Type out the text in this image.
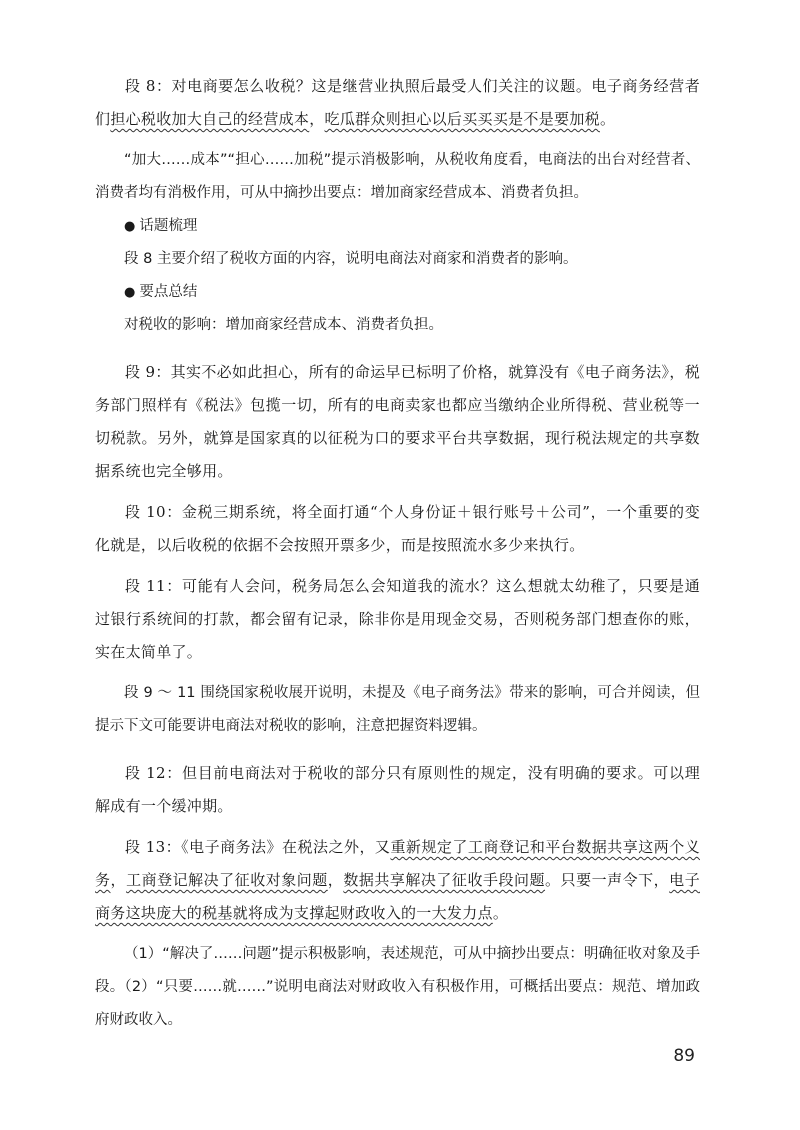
段 8：对电商要怎么收税？这是继营业执照后最受人们关注的议题。电子商务经营者们担心税收加大自己的经营成本，吃瓜群众则担心以后买买买是不是要加税。

“加大……成本”“担心……加税”提示消极影响，从税收角度看，电商法的出台对经营者、消费者均有消极作用，可从中摘抄出要点：增加商家经营成本、消费者负担。

● 话题梳理

段 8 主要介绍了税收方面的内容，说明电商法对商家和消费者的影响。

● 要点总结

对税收的影响：增加商家经营成本、消费者负担。

段 9：其实不必如此担心，所有的命运早已标明了价格，就算没有《电子商务法》，税务部门照样有《税法》包揽一切，所有的电商卖家也都应当缴纳企业所得税、营业税等一切税款。另外，就算是国家真的以征税为口的要求平台共享数据，现行税法规定的共享数据系统也完全够用。

段 10：金税三期系统，将全面打通“个人身份证＋银行账号＋公司”，一个重要的变化就是，以后收税的依据不会按照开票多少，而是按照流水多少来执行。

段 11：可能有人会问，税务局怎么会知道我的流水？这么想就太幼稚了，只要是通过银行系统间的打款，都会留有记录，除非你是用现金交易，否则税务部门想查你的账，实在太简单了。

段 9 ～ 11 围绕国家税收展开说明，未提及《电子商务法》带来的影响，可合并阅读，但提示下文可能要讲电商法对税收的影响，注意把握资料逻辑。

段 12：但目前电商法对于税收的部分只有原则性的规定，没有明确的要求。可以理解成有一个缓冲期。

段 13：《电子商务法》在税法之外，又重新规定了工商登记和平台数据共享这两个义务，工商登记解决了征收对象问题，数据共享解决了征收手段问题。只要一声令下，电子商务这块庞大的税基就将成为支撑起财政收入的一大发力点。

（1）“解决了……问题”提示积极影响，表述规范，可从中摘抄出要点：明确征收对象及手段。（2）“只要……就……”说明电商法对财政收入有积极作用，可概括出要点：规范、增加政府财政收入。

89
